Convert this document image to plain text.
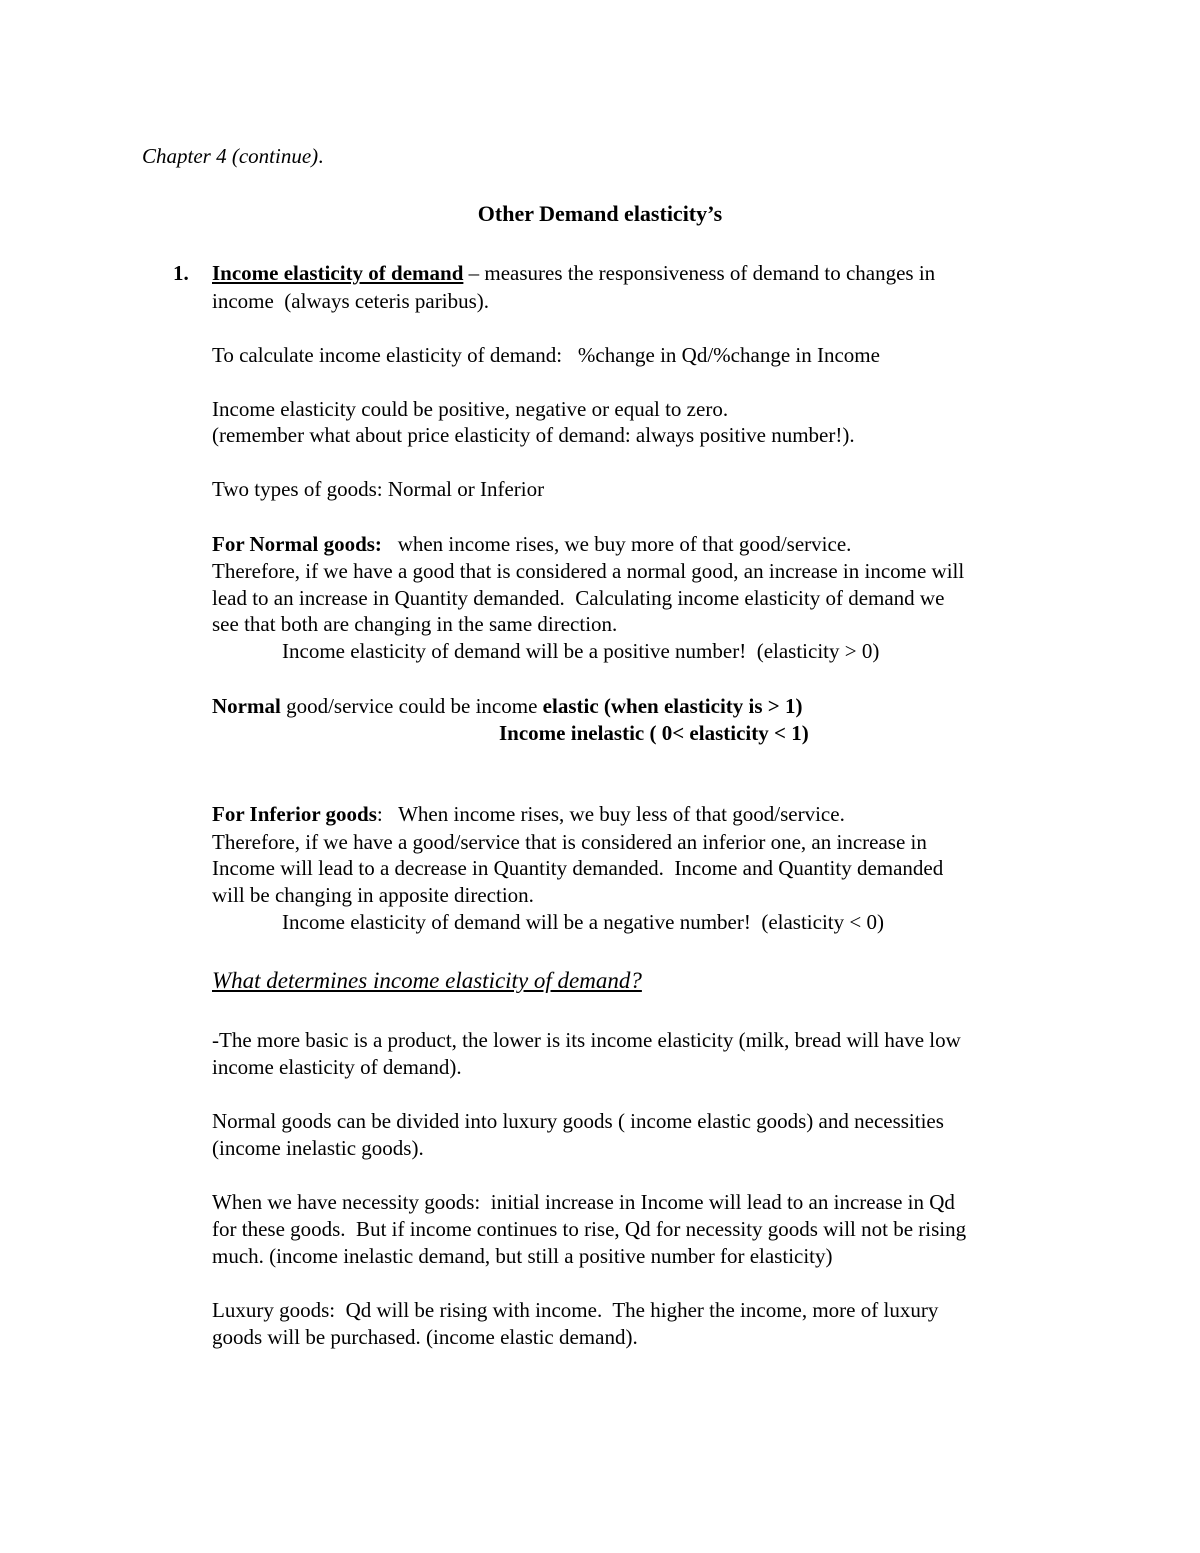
Chapter 4 (continue).
Other Demand elasticity’s
1. Income elasticity of demand – measures the responsiveness of demand to changes in
income  (always ceteris paribus).
To calculate income elasticity of demand:   %change in Qd/%change in Income
Income elasticity could be positive, negative or equal to zero.
(remember what about price elasticity of demand: always positive number!).
Two types of goods: Normal or Inferior
For Normal goods:   when income rises, we buy more of that good/service.
Therefore, if we have a good that is considered a normal good, an increase in income will
lead to an increase in Quantity demanded.  Calculating income elasticity of demand we
see that both are changing in the same direction.
Income elasticity of demand will be a positive number!  (elasticity > 0)
Normal good/service could be income elastic (when elasticity is > 1)
Income inelastic ( 0< elasticity < 1)
For Inferior goods:   When income rises, we buy less of that good/service.
Therefore, if we have a good/service that is considered an inferior one, an increase in
Income will lead to a decrease in Quantity demanded.  Income and Quantity demanded
will be changing in apposite direction.
Income elasticity of demand will be a negative number!  (elasticity < 0)
What determines income elasticity of demand?
-The more basic is a product, the lower is its income elasticity (milk, bread will have low
income elasticity of demand).
Normal goods can be divided into luxury goods ( income elastic goods) and necessities
(income inelastic goods).
When we have necessity goods:  initial increase in Income will lead to an increase in Qd
for these goods.  But if income continues to rise, Qd for necessity goods will not be rising
much. (income inelastic demand, but still a positive number for elasticity)
Luxury goods:  Qd will be rising with income.  The higher the income, more of luxury
goods will be purchased. (income elastic demand).
